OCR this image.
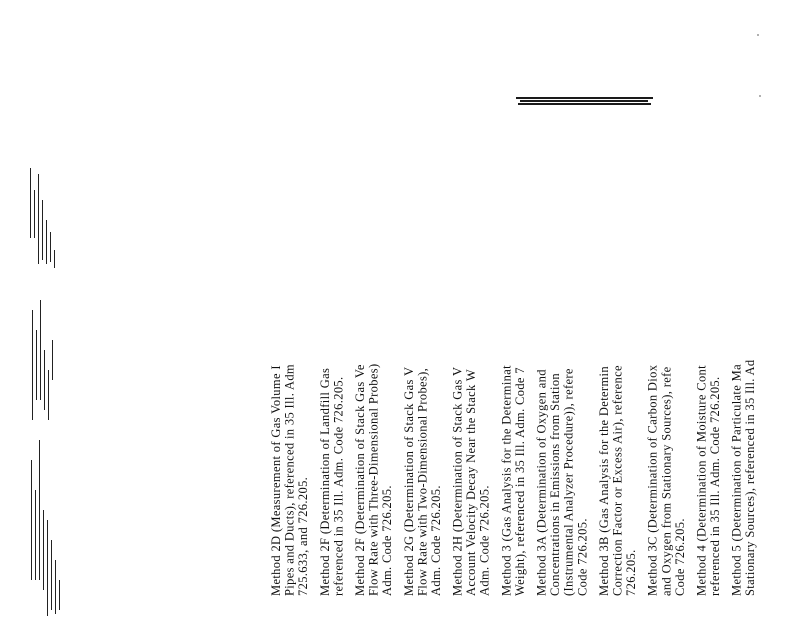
Method 2D (Measurement of Gas Volume I Pipes and Ducts), referenced in 35 Ill. Adm 725.633, and 726.205. Method 2F (Determination of Landfill Gas referenced in 35 Ill. Adm. Code 726.205. Method 2F (Determination of Stack Gas Ve Flow Rate with Three-Dimensional Probes) Adm. Code 726.205. Method 2G (Determination of Stack Gas V Flow Rate with Two-Dimensional Probes), Adm. Code 726.205. Method 2H (Determination of Stack Gas V Account Velocity Decay Near the Stack W Adm. Code 726.205. Method 3 (Gas Analysis for the Determinat Weight), referenced in 35 Ill. Adm. Code 7 Method 3A (Determination of Oxygen and Concentrations in Emissions from Station (Instrumental Analyzer Procedure)), refere Code 726.205. Method 3B (Gas Analysis for the Determin Correction Factor or Excess Air), reference 726.205. Method 3C (Determination of Carbon Diox and Oxygen from Stationary Sources), refe Code 726.205. Method 4 (Determination of Moisture Cont referenced in 35 Ill. Adm. Code 726.205. Method 5 (Determination of Particulate Ma Stationary Sources), referenced in 35 Ill. Ad
